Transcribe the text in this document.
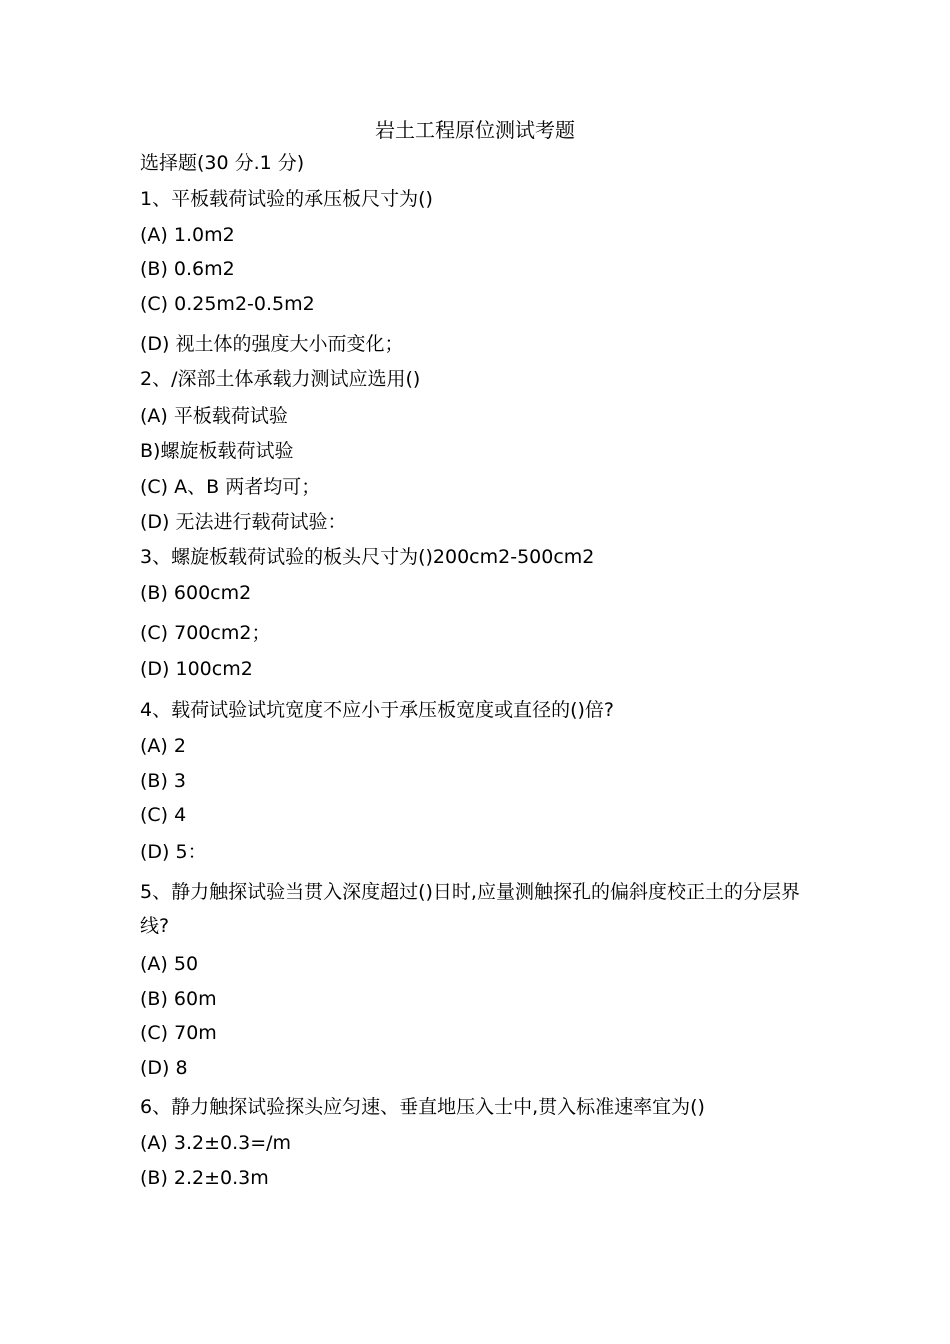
岩土工程原位测试考题
选择题(30 分.1 分)
1、平板载荷试验的承压板尺寸为()
(A) 1.0m2
(B) 0.6m2
(C) 0.25m2-0.5m2
(D) 视土体的强度大小而变化；
2、/深部土体承载力测试应选用()
(A) 平板载荷试验
B)螺旋板载荷试验
(C) A、B 两者均可；
(D) 无法进行载荷试验：
3、螺旋板载荷试验的板头尺寸为()200cm2-500cm2
(B) 600cm2
(C) 700cm2；
(D) 100cm2
4、载荷试验试坑宽度不应小于承压板宽度或直径的()倍?
(A) 2
(B) 3
(C) 4
(D) 5：
5、静力触探试验当贯入深度超过()日时,应量测触探孔的偏斜度校正土的分层界线?
(A) 50
(B) 60m
(C) 70m
(D) 8
6、静力触探试验探头应匀速、垂直地压入士中,贯入标准速率宜为()
(A) 3.2±0.3=/m
(B) 2.2±0.3m
